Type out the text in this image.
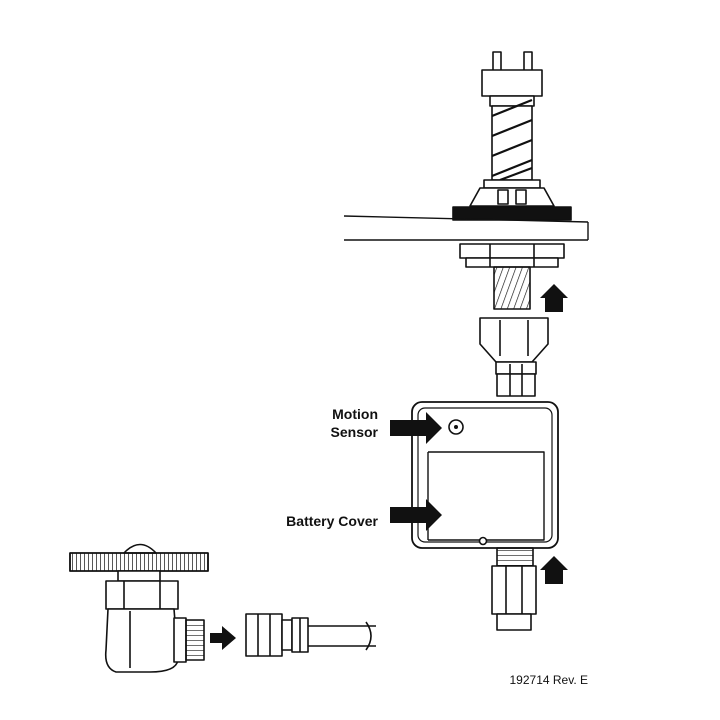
Motion
Sensor
Battery Cover
192714 Rev. E
